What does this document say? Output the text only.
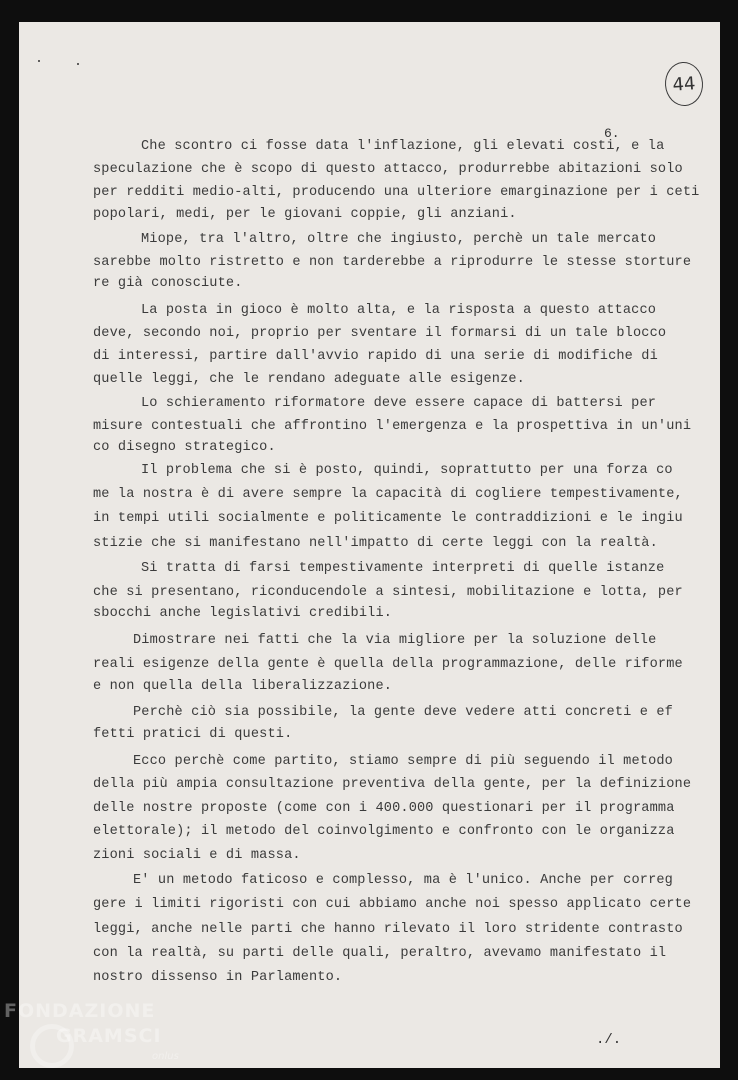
44
6.
Che scontro ci fosse data l'inflazione, gli elevati costi, e la
speculazione che è scopo di questo attacco, produrrebbe abitazioni solo
per redditi medio-alti, producendo una ulteriore emarginazione per i ceti
popolari, medi, per le giovani coppie, gli anziani.
Miope, tra l'altro, oltre che ingiusto, perchè un tale mercato
sarebbe molto ristretto e non tarderebbe a riprodurre le stesse storture
re già conosciute.
La posta in gioco è molto alta, e la risposta a questo attacco
deve, secondo noi, proprio per sventare il formarsi di un tale blocco
di interessi, partire dall'avvio rapido di una serie di modifiche di
quelle leggi, che le rendano adeguate alle esigenze.
Lo schieramento riformatore deve essere capace di battersi per
misure contestuali che affrontino l'emergenza e la prospettiva in un'uni
co disegno strategico.
Il problema che si è posto, quindi, soprattutto per una forza co
me la nostra è di avere sempre la capacità di cogliere tempestivamente,
in tempi utili socialmente e politicamente le contraddizioni e le ingiu
stizie che si manifestano nell'impatto di certe leggi con la realtà.
Si tratta di farsi tempestivamente interpreti di quelle istanze
che si presentano, riconducendole a sintesi, mobilitazione e lotta, per
sbocchi anche legislativi credibili.
Dimostrare nei fatti che la via migliore per la soluzione delle
reali esigenze della gente è quella della programmazione, delle riforme
e non quella della liberalizzazione.
Perchè ciò sia possibile, la gente deve vedere atti concreti e ef
fetti pratici di questi.
Ecco perchè come partito, stiamo sempre di più seguendo il metodo
della più ampia consultazione preventiva della gente, per la definizione
delle nostre proposte (come con i 400.000 questionari per il programma
elettorale); il metodo del coinvolgimento e confronto con le organizza
zioni sociali e di massa.
E' un metodo faticoso e complesso, ma è l'unico. Anche per correg
gere i limiti rigoristi con cui abbiamo anche noi spesso applicato certe
leggi, anche nelle parti che hanno rilevato il loro stridente contrasto
con la realtà, su parti delle quali, peraltro, avevamo manifestato il
nostro dissenso in Parlamento.
./.
FONDAZIONE
GRAMSCI
onlus
